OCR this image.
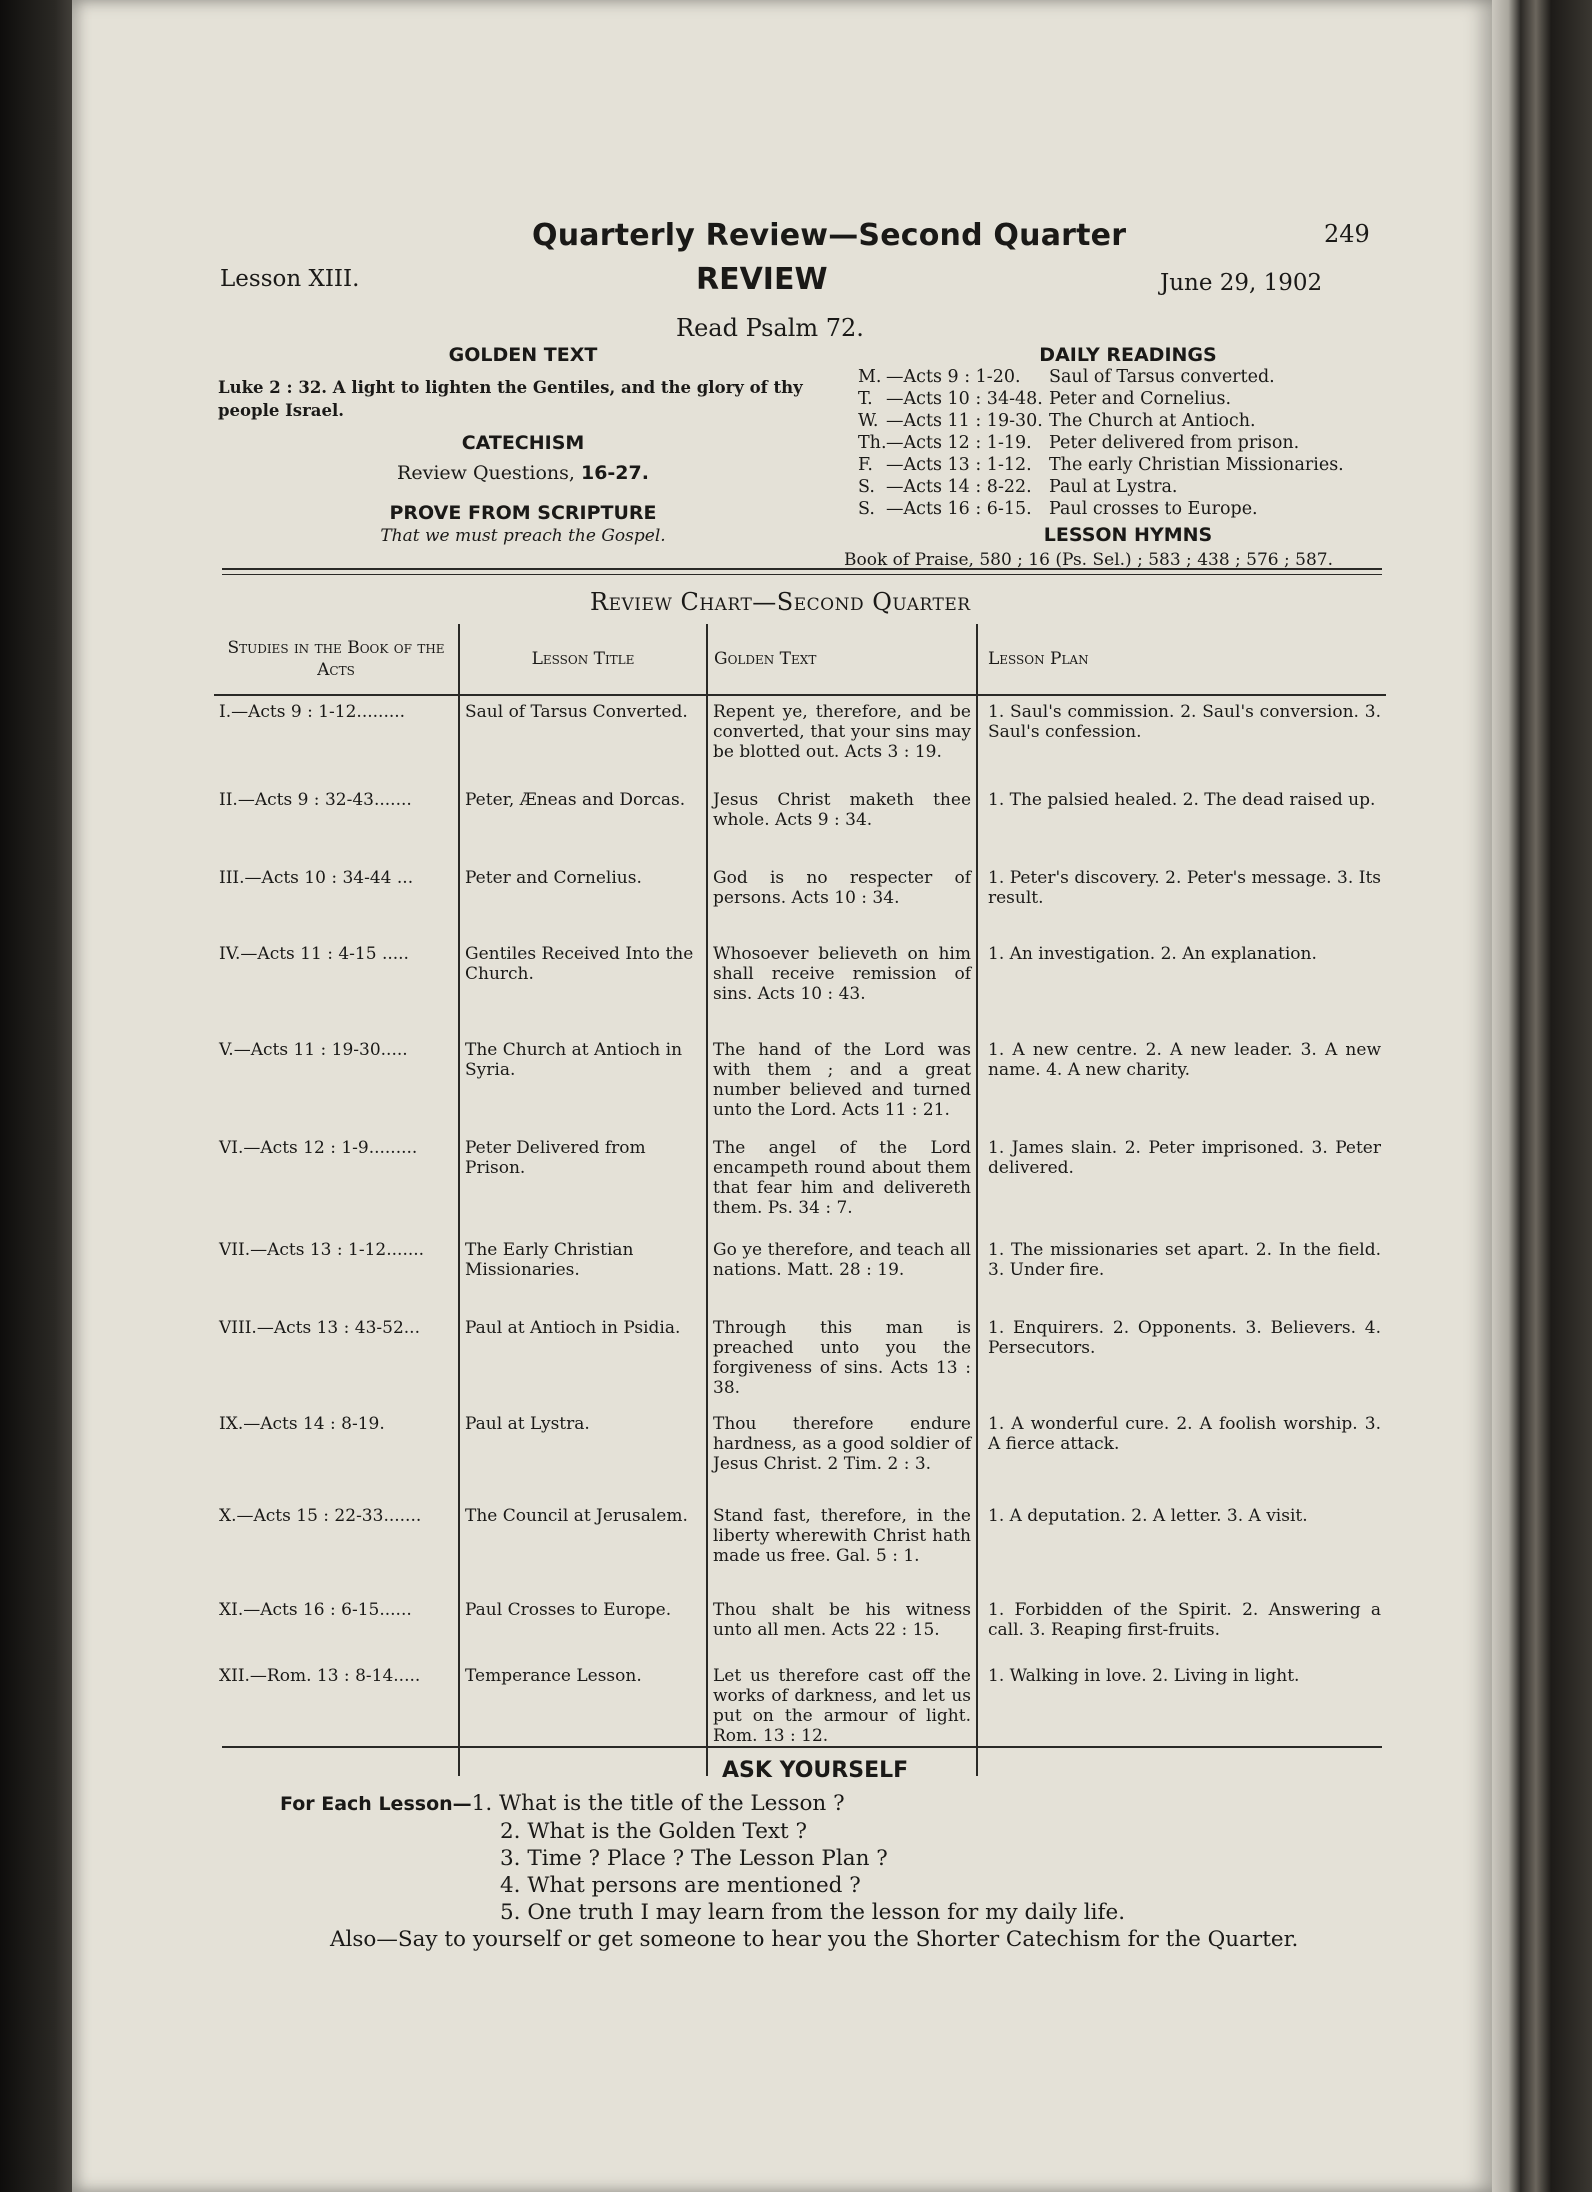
Quarterly Review—Second Quarter	249
Lesson XIII.	REVIEW	June 29, 1902
Read Psalm 72.
GOLDEN TEXT
Luke 2 : 32. A light to lighten the Gentiles, and the glory of thy people Israel.
CATECHISM
Review Questions, 16-27.
PROVE FROM SCRIPTURE
That we must preach the Gospel.
DAILY READINGS
M. —Acts 9 : 1-20.	Saul of Tarsus converted.
T. —Acts 10 : 34-48. Peter and Cornelius.
W. —Acts 11 : 19-30. The Church at Antioch.
Th. —Acts 12 : 1-19. Peter delivered from prison.
F. —Acts 13 : 1-12. The early Christian Missionaries.
S. —Acts 14 : 8-22. Paul at Lystra.
S. —Acts 16 : 6-15. Paul crosses to Europe.
LESSON HYMNS
Book of Praise, 580 ; 16 (Ps. Sel.) ; 583 ; 438 ; 576 ; 587.
Review Chart—Second Quarter
Studies in the Book of the Acts	Lesson Title	Golden Text	Lesson Plan
I.—Acts 9 : 1-12.........	Saul of Tarsus Converted.	Repent ye, therefore, and be converted, that your sins may be blotted out. Acts 3 : 19.	1. Saul's commission. 2. Saul's conversion. 3. Saul's confession.
II.—Acts 9 : 32-43.......	Peter, Æneas and Dorcas.	Jesus Christ maketh thee whole. Acts 9 : 34.	1. The palsied healed. 2. The dead raised up.
III.—Acts 10 : 34-44 ...	Peter and Cornelius.	God is no respecter of persons. Acts 10 : 34.	1. Peter's discovery. 2. Peter's message. 3. Its result.
IV.—Acts 11 : 4-15 .....	Gentiles Received Into the Church.	Whosoever believeth on him shall receive remission of sins. Acts 10 : 43.	1. An investigation. 2. An explanation.
V.—Acts 11 : 19-30.....	The Church at Antioch in Syria.	The hand of the Lord was with them ; and a great number believed and turned unto the Lord. Acts 11 : 21.	1. A new centre. 2. A new leader. 3. A new name. 4. A new charity.
VI.—Acts 12 : 1-9.........	Peter Delivered from Prison.	The angel of the Lord encampeth round about them that fear him and delivereth them. Ps. 34 : 7.	1. James slain. 2. Peter imprisoned. 3. Peter delivered.
VII.—Acts 13 : 1-12.......	The Early Christian Missionaries.	Go ye therefore, and teach all nations. Matt. 28 : 19.	1. The missionaries set apart. 2. In the field. 3. Under fire.
VIII.—Acts 13 : 43-52...	Paul at Antioch in Psidia.	Through this man is preached unto you the forgiveness of sins. Acts 13 : 38.	1. Enquirers. 2. Opponents. 3. Believers. 4. Persecutors.
IX.—Acts 14 : 8-19.	Paul at Lystra.	Thou therefore endure hardness, as a good soldier of Jesus Christ. 2 Tim. 2 : 3.	1. A wonderful cure. 2. A foolish worship. 3. A fierce attack.
X.—Acts 15 : 22-33.......	The Council at Jerusalem.	Stand fast, therefore, in the liberty wherewith Christ hath made us free. Gal. 5 : 1.	1. A deputation. 2. A letter. 3. A visit.
XI.—Acts 16 : 6-15......	Paul Crosses to Europe.	Thou shalt be his witness unto all men. Acts 22 : 15.	1. Forbidden of the Spirit. 2. Answering a call. 3. Reaping first-fruits.
XII.—Rom. 13 : 8-14.....	Temperance Lesson.	Let us therefore cast off the works of darkness, and let us put on the armour of light. Rom. 13 : 12.	1. Walking in love. 2. Living in light.
ASK YOURSELF
For Each Lesson—1. What is the title of the Lesson ?
2. What is the Golden Text ?
3. Time ? Place ? The Lesson Plan ?
4. What persons are mentioned ?
5. One truth I may learn from the lesson for my daily life.
Also—Say to yourself or get someone to hear you the Shorter Catechism for the Quarter.
